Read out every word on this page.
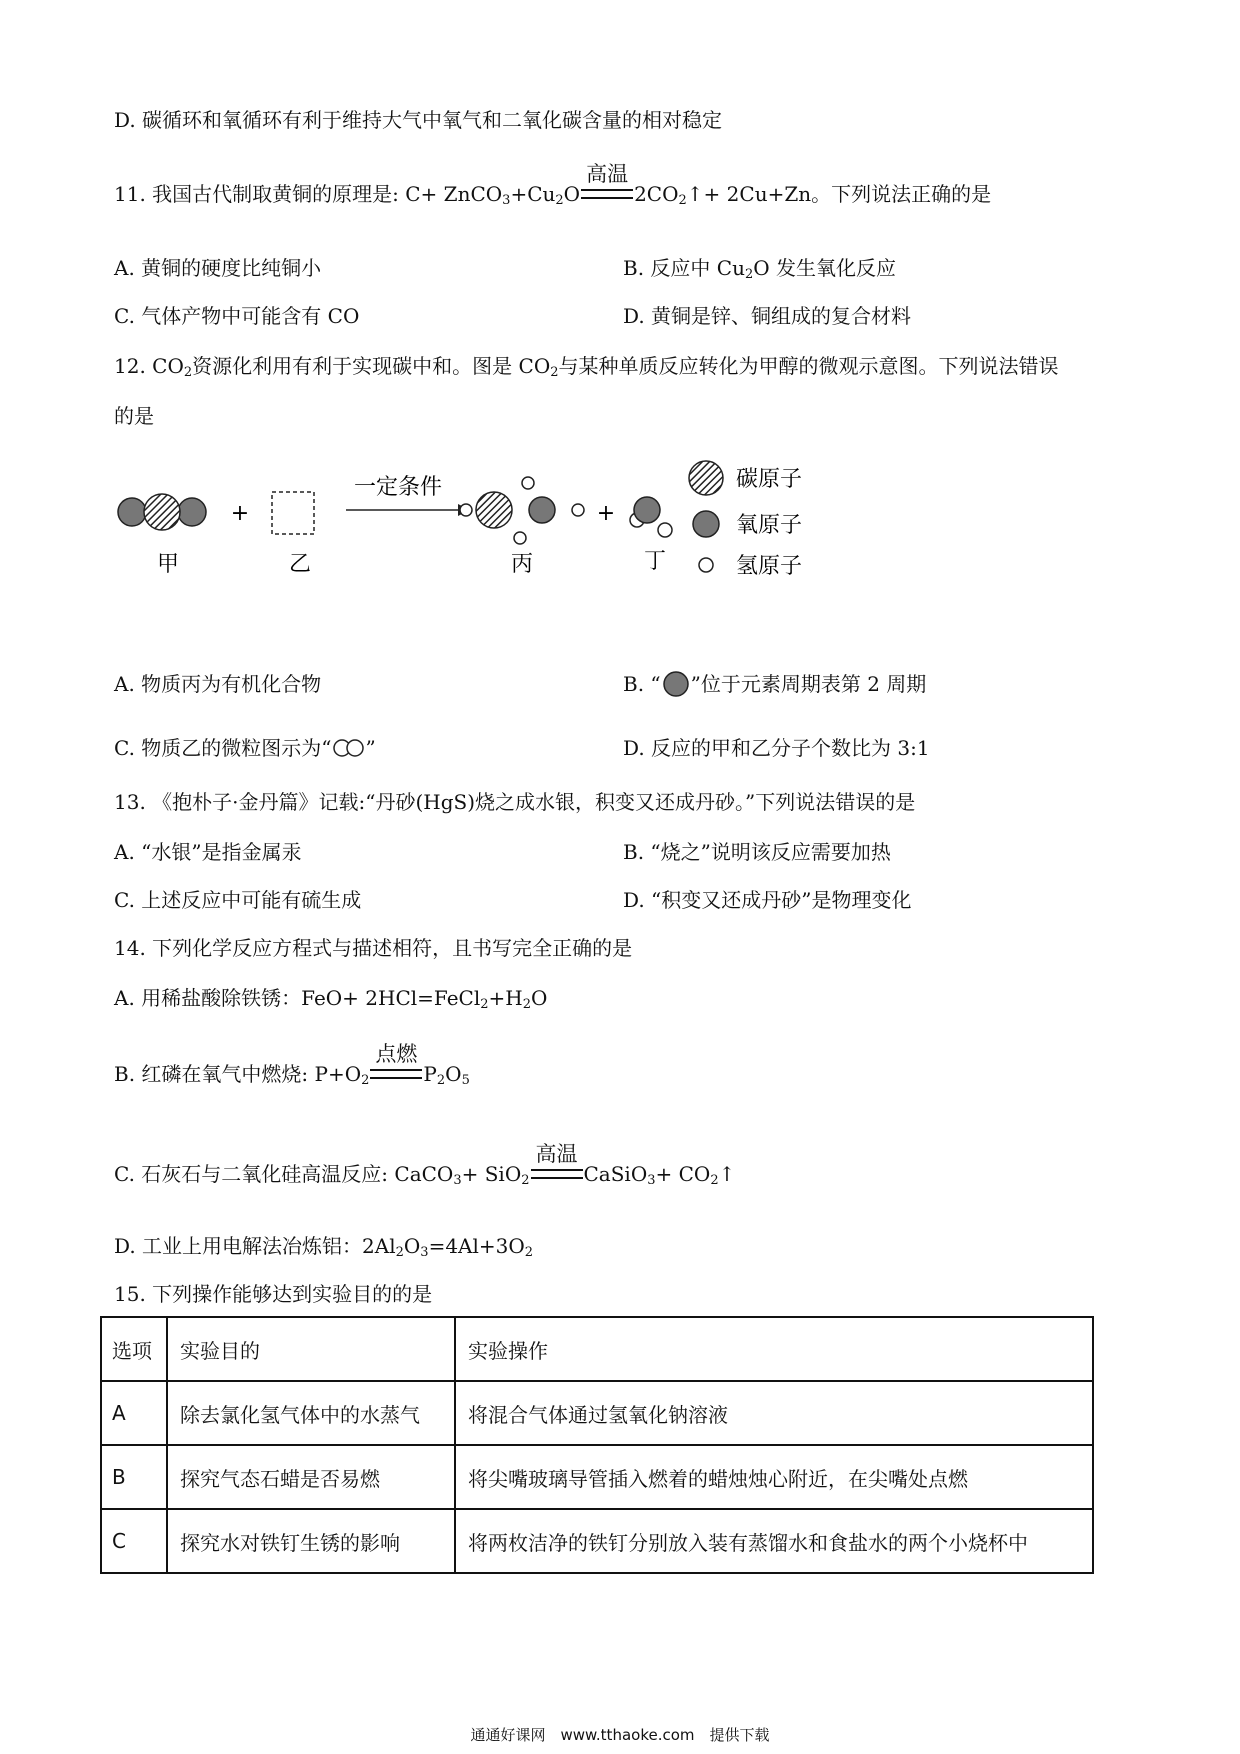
D. 碳循环和氧循环有利于维持大气中氧气和二氧化碳含量的相对稳定
11. 我国古代制取黄铜的原理是: $C+ ZnCO_3+Cu_2O$
高温
$2CO_2↑+ 2Cu+Zn$。下列说法正确的是
A. 黄铜的硬度比纯铜小	B. 反应中 $Cu_2O$ 发生氧化反应
C. 气体产物中可能含有 CO	D. 黄铜是锌、铜组成的复合材料
12. $CO_2$资源化利用有利于实现碳中和。图是 $CO_2$与某种单质反应转化为甲醇的微观示意图。下列说法错误
的是
甲
+
乙
一定条件
丙
+
丁
碳原子
氧原子
氢原子
A. 物质丙为有机化合物	B. “ ”位于元素周期表第 2 周期
C. 物质乙的微粒图示为“ ”	D. 反应的甲和乙分子个数比为 3:1
13. 《抱朴子·金丹篇》记载:“丹砂(HgS)烧之成水银，积变又还成丹砂。”下列说法错误的是
A. “水银”是指金属汞	B. “烧之”说明该反应需要加热
C. 上述反应中可能有硫生成	D. “积变又还成丹砂”是物理变化
14. 下列化学反应方程式与描述相符，且书写完全正确的是
A. 用稀盐酸除铁锈：$FeO+ 2HCl=FeCl_2+H_2O$
B. 红磷在氧气中燃烧: $P+O_2$
点燃
$P_2O_5$
C. 石灰石与二氧化硅高温反应: CaCO$_3$+ SiO$_2$
高温
CaSiO$_3$+ $CO_2↑$
D. 工业上用电解法冶炼铝：$2Al_2O_3=4Al+3O_2$
15. 下列操作能够达到实验目的的是
选项	实验目的	实验操作
A	除去氯化氢气体中的水蒸气	将混合气体通过氢氧化钠溶液
B	探究气态石蜡是否易燃	将尖嘴玻璃导管插入燃着的蜡烛烛心附近，在尖嘴处点燃
C	探究水对铁钉生锈的影响	将两枚洁净的铁钉分别放入装有蒸馏水和食盐水的两个小烧杯中
通通好课网　www.tthaoke.com　提供下载
